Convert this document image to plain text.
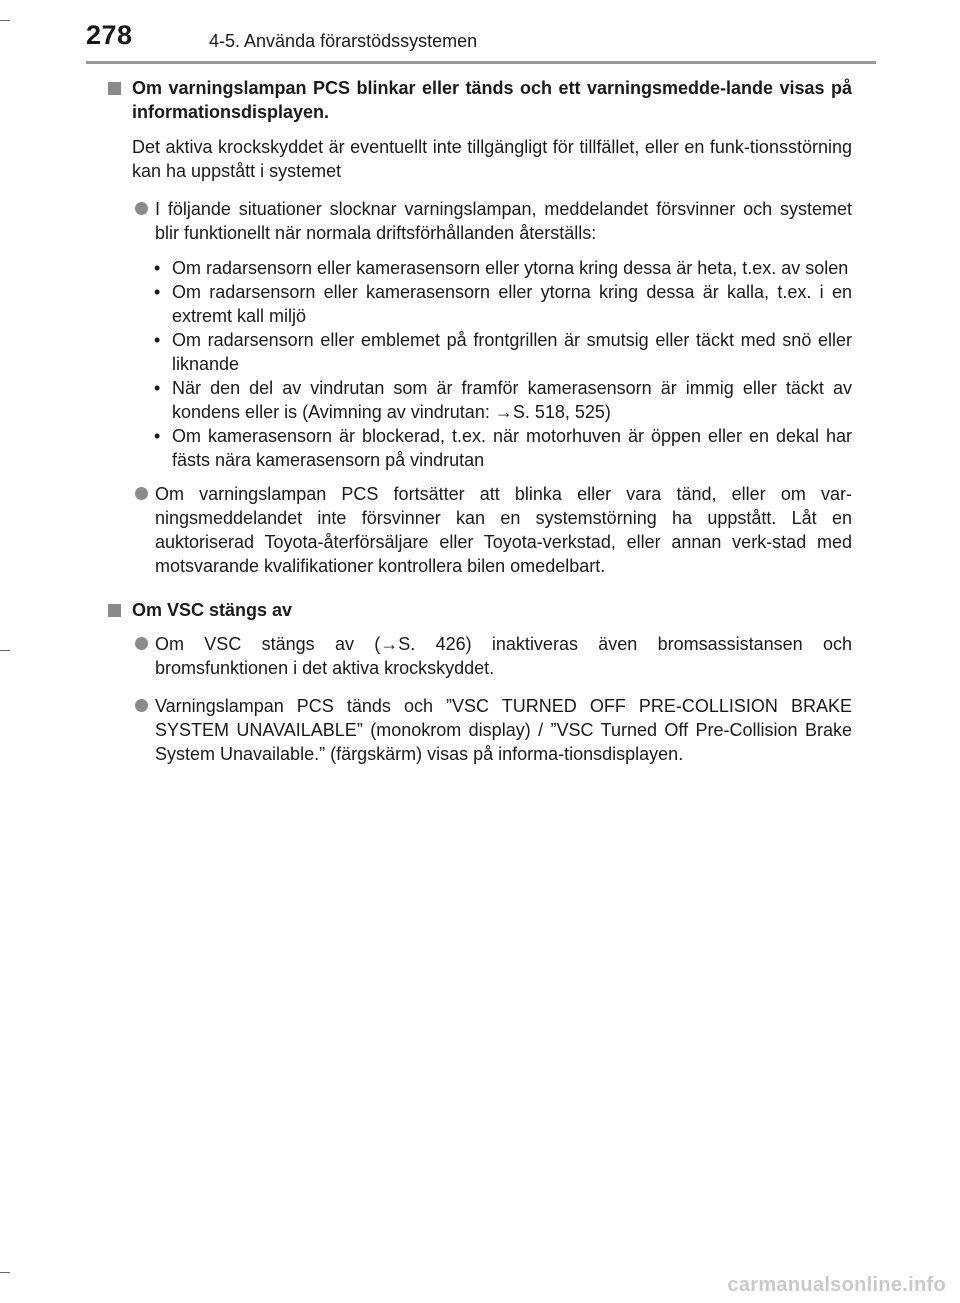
278	4-5. Använda förarstödssystemen
Om varningslampan PCS blinkar eller tänds och ett varningsmedde-lande visas på informationsdisplayen.
Det aktiva krockskyddet är eventuellt inte tillgängligt för tillfället, eller en funk-tionsstörning kan ha uppstått i systemet
I följande situationer slocknar varningslampan, meddelandet försvinner och systemet blir funktionellt när normala driftsförhållanden återställs:
• Om radarsensorn eller kamerasensorn eller ytorna kring dessa är heta, t.ex. av solen
• Om radarsensorn eller kamerasensorn eller ytorna kring dessa är kalla, t.ex. i en extremt kall miljö
• Om radarsensorn eller emblemet på frontgrillen är smutsig eller täckt med snö eller liknande
• När den del av vindrutan som är framför kamerasensorn är immig eller täckt av kondens eller is (Avimning av vindrutan: →S. 518, 525)
• Om kamerasensorn är blockerad, t.ex. när motorhuven är öppen eller en dekal har fästs nära kamerasensorn på vindrutan
Om varningslampan PCS fortsätter att blinka eller vara tänd, eller om var-ningsmeddelandet inte försvinner kan en systemstörning ha uppstått. Låt en auktoriserad Toyota-återförsäljare eller Toyota-verkstad, eller annan verk-stad med motsvarande kvalifikationer kontrollera bilen omedelbart.
Om VSC stängs av
Om VSC stängs av (→S. 426) inaktiveras även bromsassistansen och bromsfunktionen i det aktiva krockskyddet.
Varningslampan PCS tänds och ”VSC TURNED OFF PRE-COLLISION BRAKE SYSTEM UNAVAILABLE” (monokrom display) / ”VSC Turned Off Pre-Collision Brake System Unavailable.” (färgskärm) visas på informa-tionsdisplayen.
carmanualsonline.info
